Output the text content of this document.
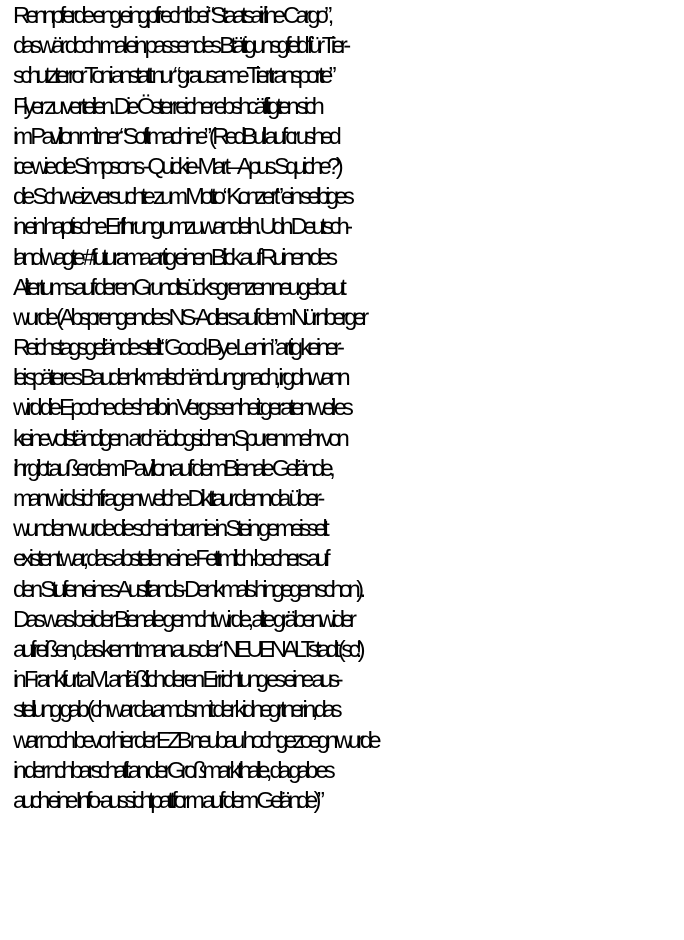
Rennpferde eng eingpfrecht bei “Staatsairline Cargo”,
das wär doch mal ein passendes Btätigunsgfeld für Tier-
schutzterror Toni anstatt nur “grausame Tiertransporte”
Flyer zu verteilen. Die Österreicher ebshcäftigten sich
im Pavillon mit ner “Softmachine” (RedBull auf crushed
ice wie die Simpsons - Quickie-Mart – Apus Squiche?)
die Schweiz versuchte zum Motto “Konzert” ein selbiges
in ein haptische Erfhrung umzuwandeln. Udn Deutsch-
land wagte #futurama artig einen Blick auf Ruinen des
Altertums auf deren Grundtsücksgrenzen neu gebaut
wurde (Absprengen des NS-Adlers auf dem Nürnberger
Reichstagsgelände stellt “Good-Bye Lenin” artig keiner-
lei späteres Baudenkmalschändung nach, irgdnwann
wird die Epoche deshalb in Vergssenheit geraten weil es
keinevollständigen  archäologsichen Spuren mehr von
ihr gibt außer dem Pavillon auf demBienale Gelände,
man wird sich fragen welche Dikttaur denn da über-
wunden wurde die scheinbar nie in Stein gemeisselt
existent war, das abstellen eine Fettmilch-bechers auf
den Stufen eines Ausftands-Denkmals hingegen schon).
Das was bei der Bienale gemcht wirde, alte gräbenwider
aufreißen, das kennt man aus der “NEUEN ALTstadt (sc!)
in Frankfurt a.M. anläßlich deren Errichtung es eine aus-
stellung gab (ch war da amds mit der kidnegrtnerin,das
war noch bevor hier der EZB neubau hochgezoegn wurde
in der nchbarschaft an derGroßmarkthalle, da gab es
auch eine Info-aussichtpattform auf dem Gelände)”
